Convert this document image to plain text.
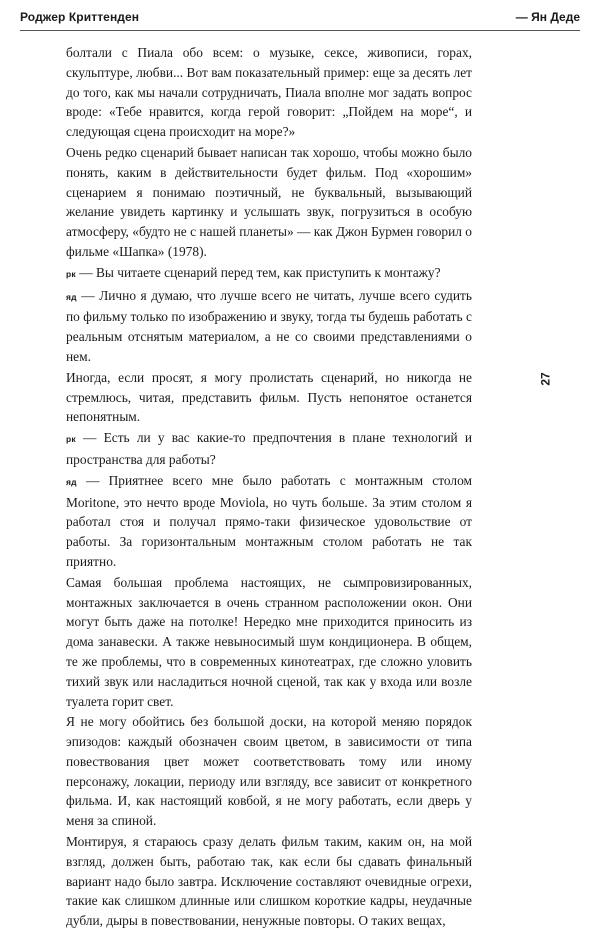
Роджер Криттенден	— Ян Деде
27

болтали с Пиала обо всем: о музыке, сексе, живописи, горах, скульптуре, любви... Вот вам показательный пример: еще за десять лет до того, как мы начали сотрудничать, Пиала вполне мог задать вопрос вроде: «Тебе нравится, когда герой говорит: „Пойдем на море“, и следующая сцена происходит на море?»

Очень редко сценарий бывает написан так хорошо, чтобы можно было понять, каким в действительности будет фильм. Под «хорошим» сценарием я понимаю поэтичный, не буквальный, вызывающий желание увидеть картинку и услышать звук, погрузиться в особую атмосферу, «будто не с нашей планеты» — как Джон Бурмен говорил о фильме «Шапка» (1978).

рк — Вы читаете сценарий перед тем, как приступить к монтажу?

яд — Лично я думаю, что лучше всего не читать, лучше всего судить по фильму только по изображению и звуку, тогда ты будешь работать с реальным отснятым материалом, а не со своими представлениями о нем.

Иногда, если просят, я могу пролистать сценарий, но никогда не стремлюсь, читая, представить фильм. Пусть непонятое останется непонятным.

рк — Есть ли у вас какие-то предпочтения в плане технологий и пространства для работы?

яд — Приятнее всего мне было работать с монтажным столом Moritone, это нечто вроде Moviola, но чуть больше. За этим столом я работал стоя и получал прямо-таки физическое удовольствие от работы. За горизонтальным монтажным столом работать не так приятно.

Самая большая проблема настоящих, не сымпровизированных, монтажных заключается в очень странном расположении окон. Они могут быть даже на потолке! Нередко мне приходится приносить из дома занавески. А также невыносимый шум кондиционера. В общем, те же проблемы, что в современных кинотеатрах, где сложно уловить тихий звук или насладиться ночной сценой, так как у входа или возле туалета горит свет.

Я не могу обойтись без большой доски, на которой меняю порядок эпизодов: каждый обозначен своим цветом, в зависимости от типа повествования цвет может соответствовать тому или иному персонажу, локации, периоду или взгляду, все зависит от конкретного фильма. И, как настоящий ковбой, я не могу работать, если дверь у меня за спиной.

Монтируя, я стараюсь сразу делать фильм таким, каким он, на мой взгляд, должен быть, работаю так, как если бы сдавать финальный вариант надо было завтра. Исключение составляют очевидные огрехи, такие как слишком длинные или слишком короткие кадры, неудачные дубли, дыры в повествовании, ненужные повторы. О таких вещах,
